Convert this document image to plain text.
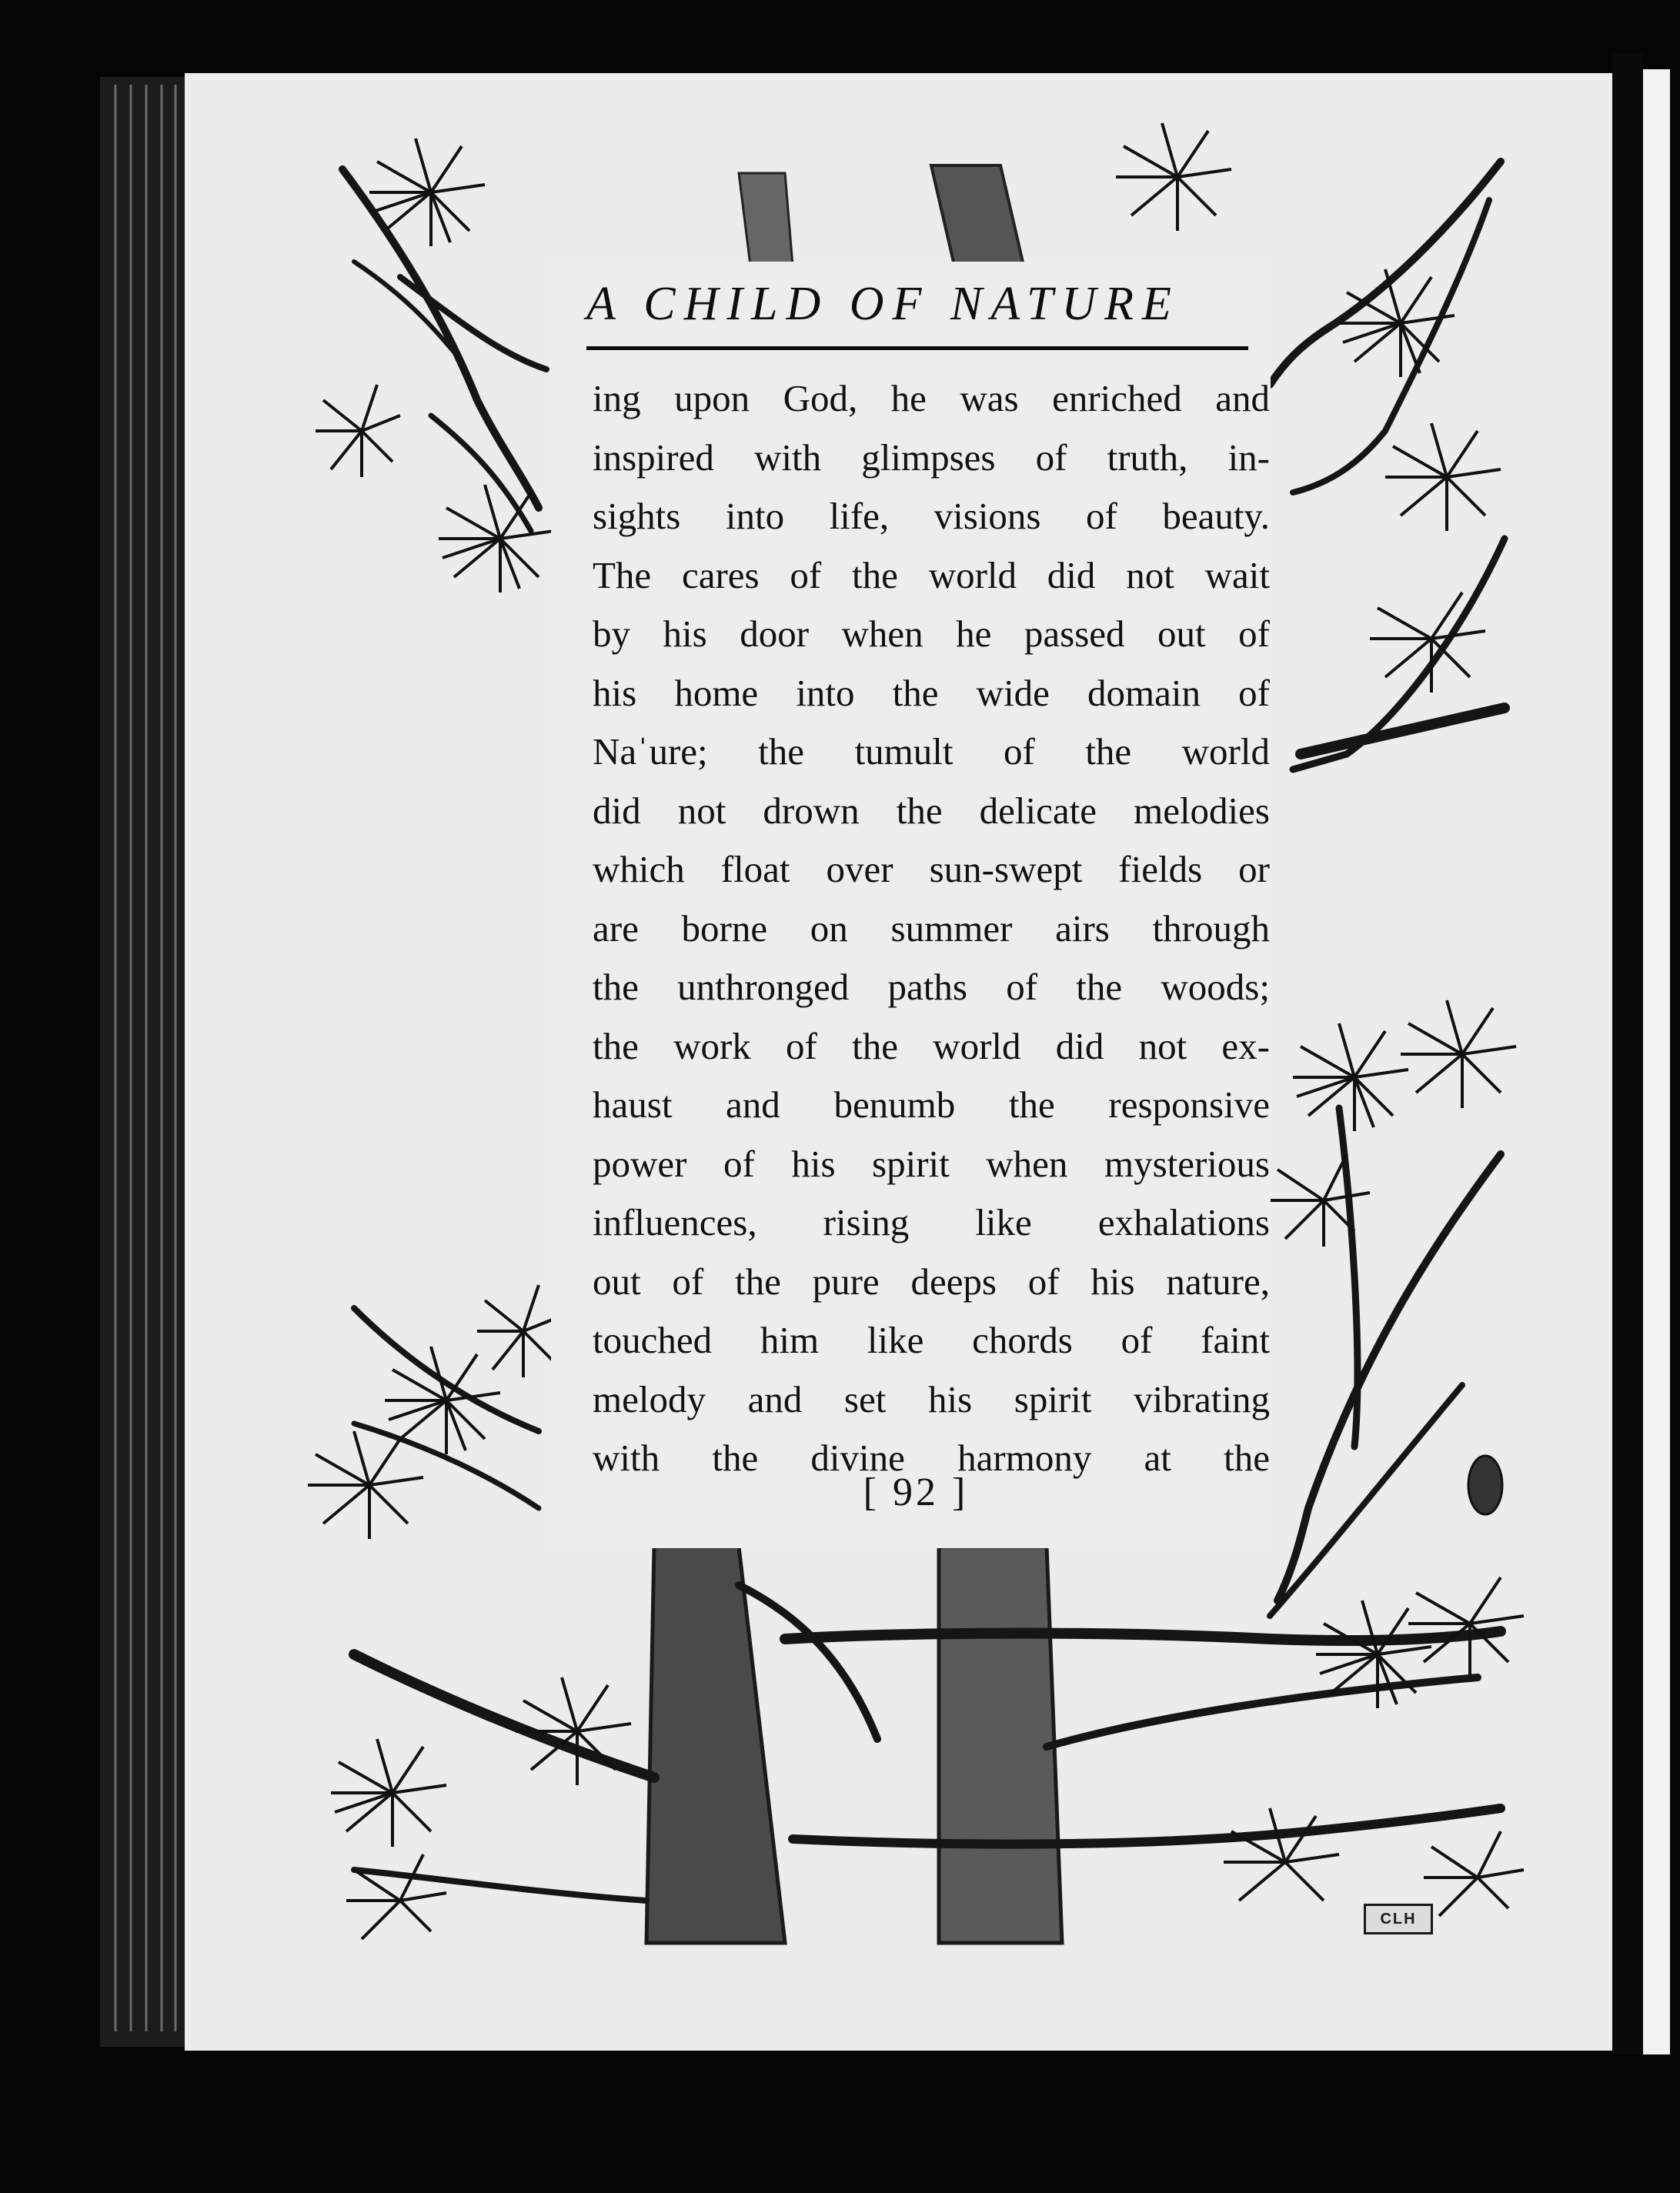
A CHILD OF NATURE
ing upon God, he was enriched and
inspired with glimpses of truth, in-
sights into life, visions of beauty.
The cares of the world did not wait
by his door when he passed out of
his home into the wide domain of
Naˈure; the tumult of the world
did not drown the delicate melodies
which float over sun-swept fields or
are borne on summer airs through
the unthronged paths of the woods;
the work of the world did not ex-
haust and benumb the responsive
power of his spirit when mysterious
influences, rising like exhalations
out of the pure deeps of his nature,
touched him like chords of faint
melody and set his spirit vibrating
with the divine harmony at the
[ 92 ]
CLH
